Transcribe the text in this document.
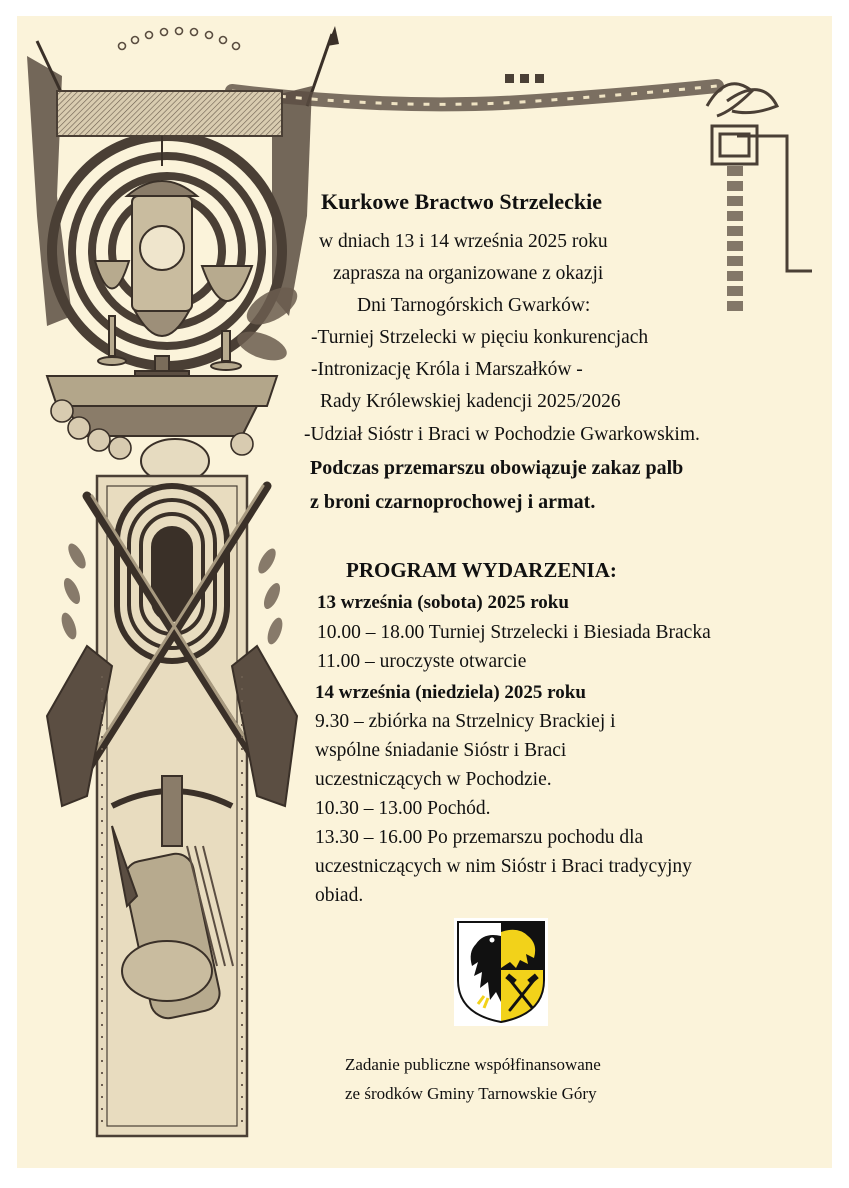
Kurkowe Bractwo Strzeleckie
w dniach 13 i 14 września 2025 roku
zaprasza na organizowane z okazji
Dni Tarnogórskich Gwarków:
-Turniej Strzelecki w pięciu konkurencjach
-Intronizację Króla i Marszałków -
Rady Królewskiej kadencji 2025/2026
-Udział Sióstr i Braci w Pochodzie Gwarkowskim.
Podczas przemarszu obowiązuje zakaz palb
z broni czarnoprochowej i armat.
PROGRAM WYDARZENIA:
13 września (sobota) 2025 roku
10.00 – 18.00 Turniej Strzelecki i Biesiada Bracka
11.00 – uroczyste otwarcie
14 września (niedziela) 2025 roku
9.30 – zbiórka na Strzelnicy Brackiej i
wspólne śniadanie Sióstr i Braci
uczestniczących w Pochodzie.
10.30 – 13.00 Pochód.
13.30 – 16.00 Po przemarszu pochodu dla
uczestniczących w nim Sióstr i Braci tradycyjny
obiad.
Zadanie publiczne współfinansowane
ze środków Gminy Tarnowskie Góry
